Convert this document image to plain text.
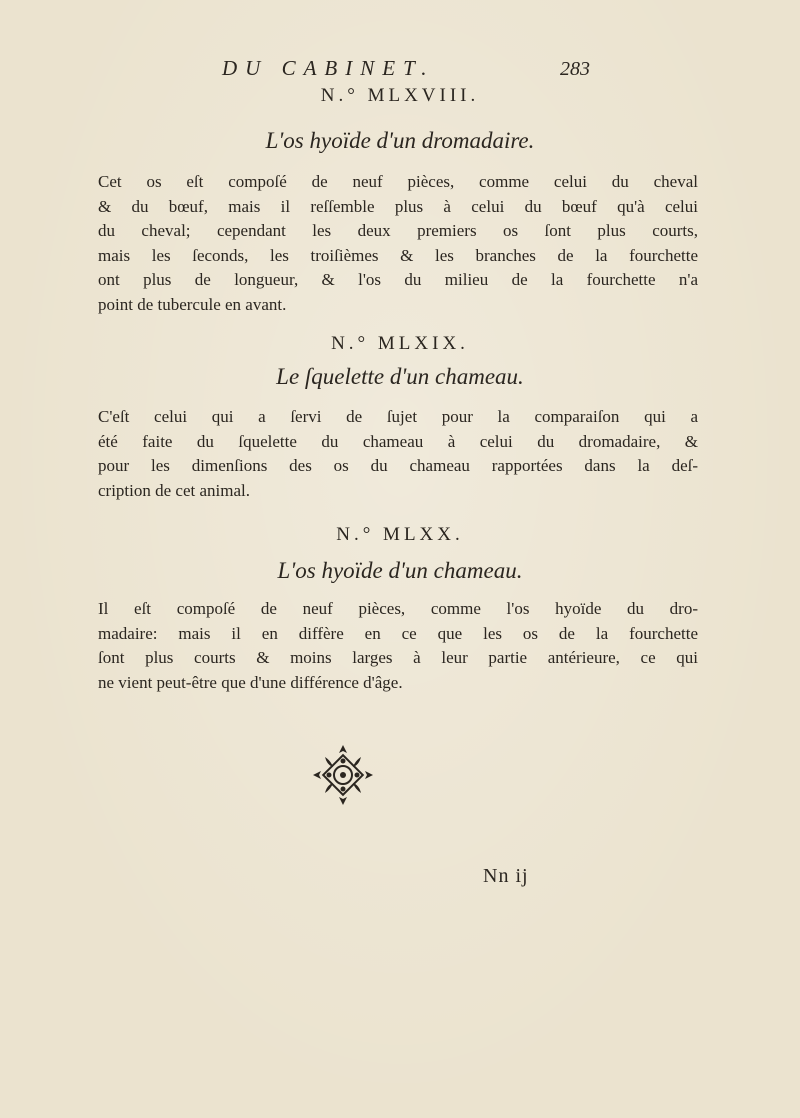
DU CABINET.	283
N.° MLXVIII.
L'os hyoïde d'un dromadaire.
Cet os eſt compoſé de neuf pièces, comme celui du cheval
& du bœuf, mais il reſſemble plus à celui du bœuf qu'à celui
du cheval; cependant les deux premiers os ſont plus courts,
mais les ſeconds, les troiſièmes & les branches de la fourchette
ont plus de longueur, & l'os du milieu de la fourchette n'a
point de tubercule en avant.
N.° MLXIX.
Le ſquelette d'un chameau.
C'eſt celui qui a ſervi de ſujet pour la comparaiſon qui a
été faite du ſquelette du chameau à celui du dromadaire, &
pour les dimenſions des os du chameau rapportées dans la deſ-
cription de cet animal.
N.° MLXX.
L'os hyoïde d'un chameau.
Il eſt compoſé de neuf pièces, comme l'os hyoïde du dro-
madaire: mais il en diffère en ce que les os de la fourchette
ſont plus courts & moins larges à leur partie antérieure, ce qui
ne vient peut-être que d'une différence d'âge.
Nn ij
